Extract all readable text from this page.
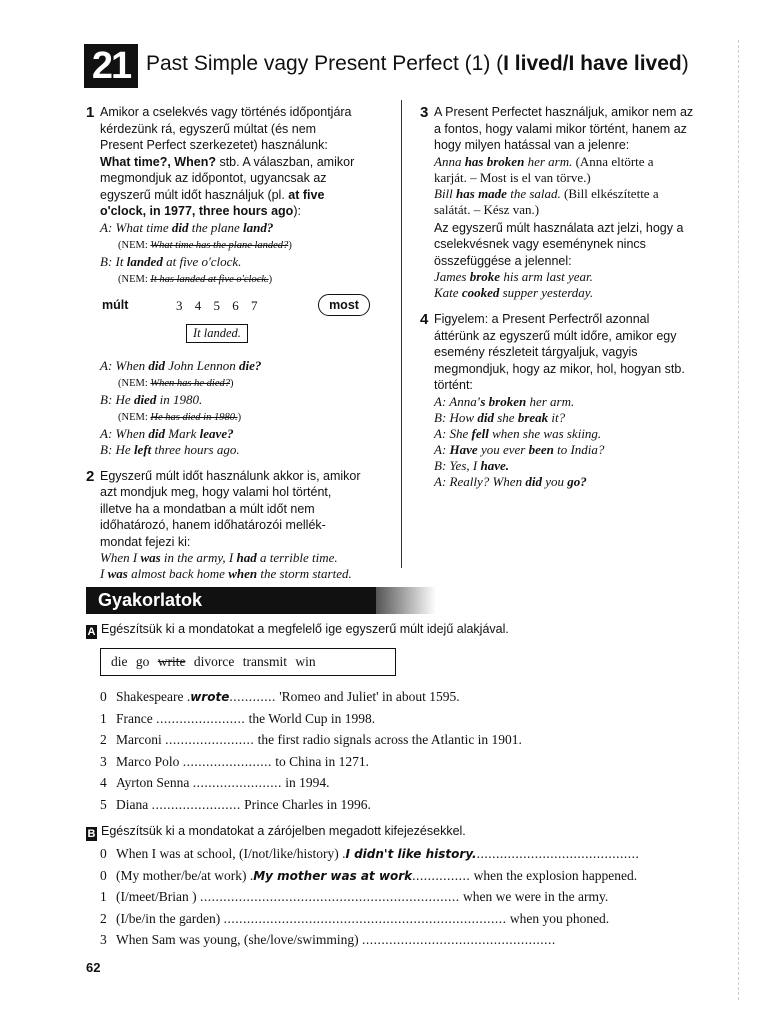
21 Past Simple vagy Present Perfect (1) (I lived/I have lived)
1 Amikor a cselekvés vagy történés időpontjára
kérdezünk rá, egyszerű múltat (és nem
Present Perfect szerkezetet) használunk:
What time?, When? stb. A válaszban, amikor
megmondjuk az időpontot, ugyancsak az
egyszerű múlt időt használjuk (pl. at five
o'clock, in 1977, three hours ago):

A: What time did the plane land?
(NEM: What time has the plane landed?)
B: It landed at five o'clock.
(NEM: It has landed at five o'clock.)

múlt	3 4 5 6 7	most
It landed.

A: When did John Lennon die?
(NEM: When has he died?)
B: He died in 1980.
(NEM: He has died in 1980.)
A: When did Mark leave?
B: He left three hours ago.

2 Egyszerű múlt időt használunk akkor is, amikor
azt mondjuk meg, hogy valami hol történt,
illetve ha a mondatban a múlt időt nem
időhatározó, hanem időhatározói mellék-
mondat fejezi ki:

When I was in the army, I had a terrible time.
I was almost back home when the storm started.

3 A Present Perfectet használjuk, amikor nem az
a fontos, hogy valami mikor történt, hanem az
hogy milyen hatással van a jelenre:

Anna has broken her arm. (Anna eltörte a
karját. – Most is el van törve.)
Bill has made the salad. (Bill elkészítette a
salátát. – Kész van.)

Az egyszerű múlt használata azt jelzi, hogy a
cselekvésnek vagy eseménynek nincs
összefüggése a jelennel:

James broke his arm last year.
Kate cooked supper yesterday.

4 Figyelem: a Present Perfectről azonnal
áttérünk az egyszerű múlt időre, amikor egy
esemény részleteit tárgyaljuk, vagyis
megmondjuk, hogy az mikor, hol, hogyan stb.
történt:

A: Anna's broken her arm.
B: How did she break it?
A: She fell when she was skiing.
A: Have you ever been to India?
B: Yes, I have.
A: Really? When did you go?

Gyakorlatok
A Egészítsük ki a mondatokat a megfelelő ige egyszerű múlt idejű alakjával.
die go write divorce transmit win
0 Shakespeare .wrote............ 'Romeo and Juliet' in about 1595.
1 France ....................... the World Cup in 1998.
2 Marconi ....................... the first radio signals across the Atlantic in 1901.
3 Marco Polo ....................... to China in 1271.
4 Ayrton Senna ....................... in 1994.
5 Diana ....................... Prince Charles in 1996.
B Egészítsük ki a mondatokat a zárójelben megadott kifejezésekkel.
0 When I was at school, (I/not/like/history) .I didn't like history...........................................
0 (My mother/be/at work) .My mother was at work............... when the explosion happened.
1 (I/meet/Brian ) ................................................................... when we were in the army.
2 (I/be/in the garden) ......................................................................... when you phoned.
3 When Sam was young, (she/love/swimming) ..................................................
62
